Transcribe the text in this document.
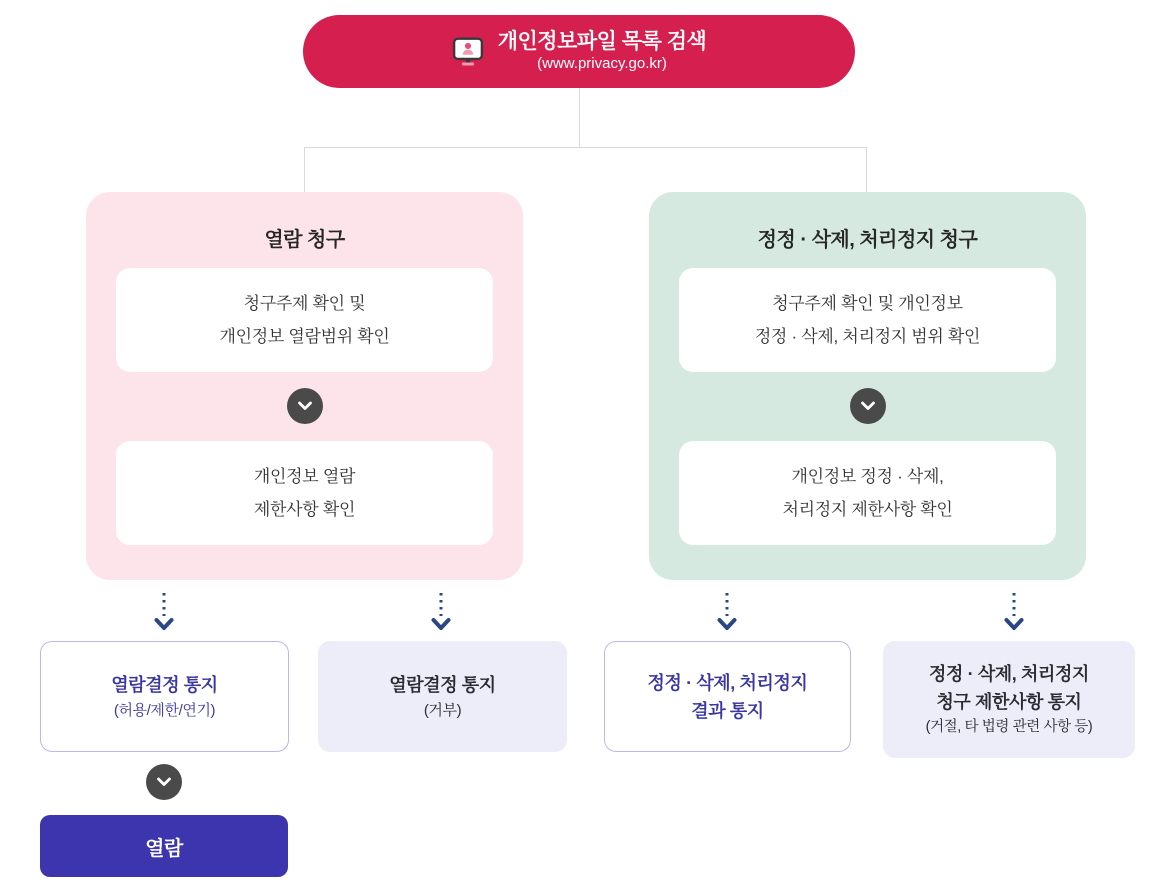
개인정보파일 목록 검색
(www.privacy.go.kr)
열람 청구
청구주제 확인 및
개인정보 열람범위 확인
개인정보 열람
제한사항 확인
정정 · 삭제, 처리정지 청구
청구주제 확인 및 개인정보
정정 · 삭제, 처리정지 범위 확인
개인정보 정정 · 삭제,
처리정지 제한사항 확인
열람결정 통지
(허용/제한/연기)
열람결정 통지
(거부)
정정 · 삭제, 처리정지
결과 통지
정정 · 삭제, 처리정지
청구 제한사항 통지
(거절, 타 법령 관련 사항 등)
열람
